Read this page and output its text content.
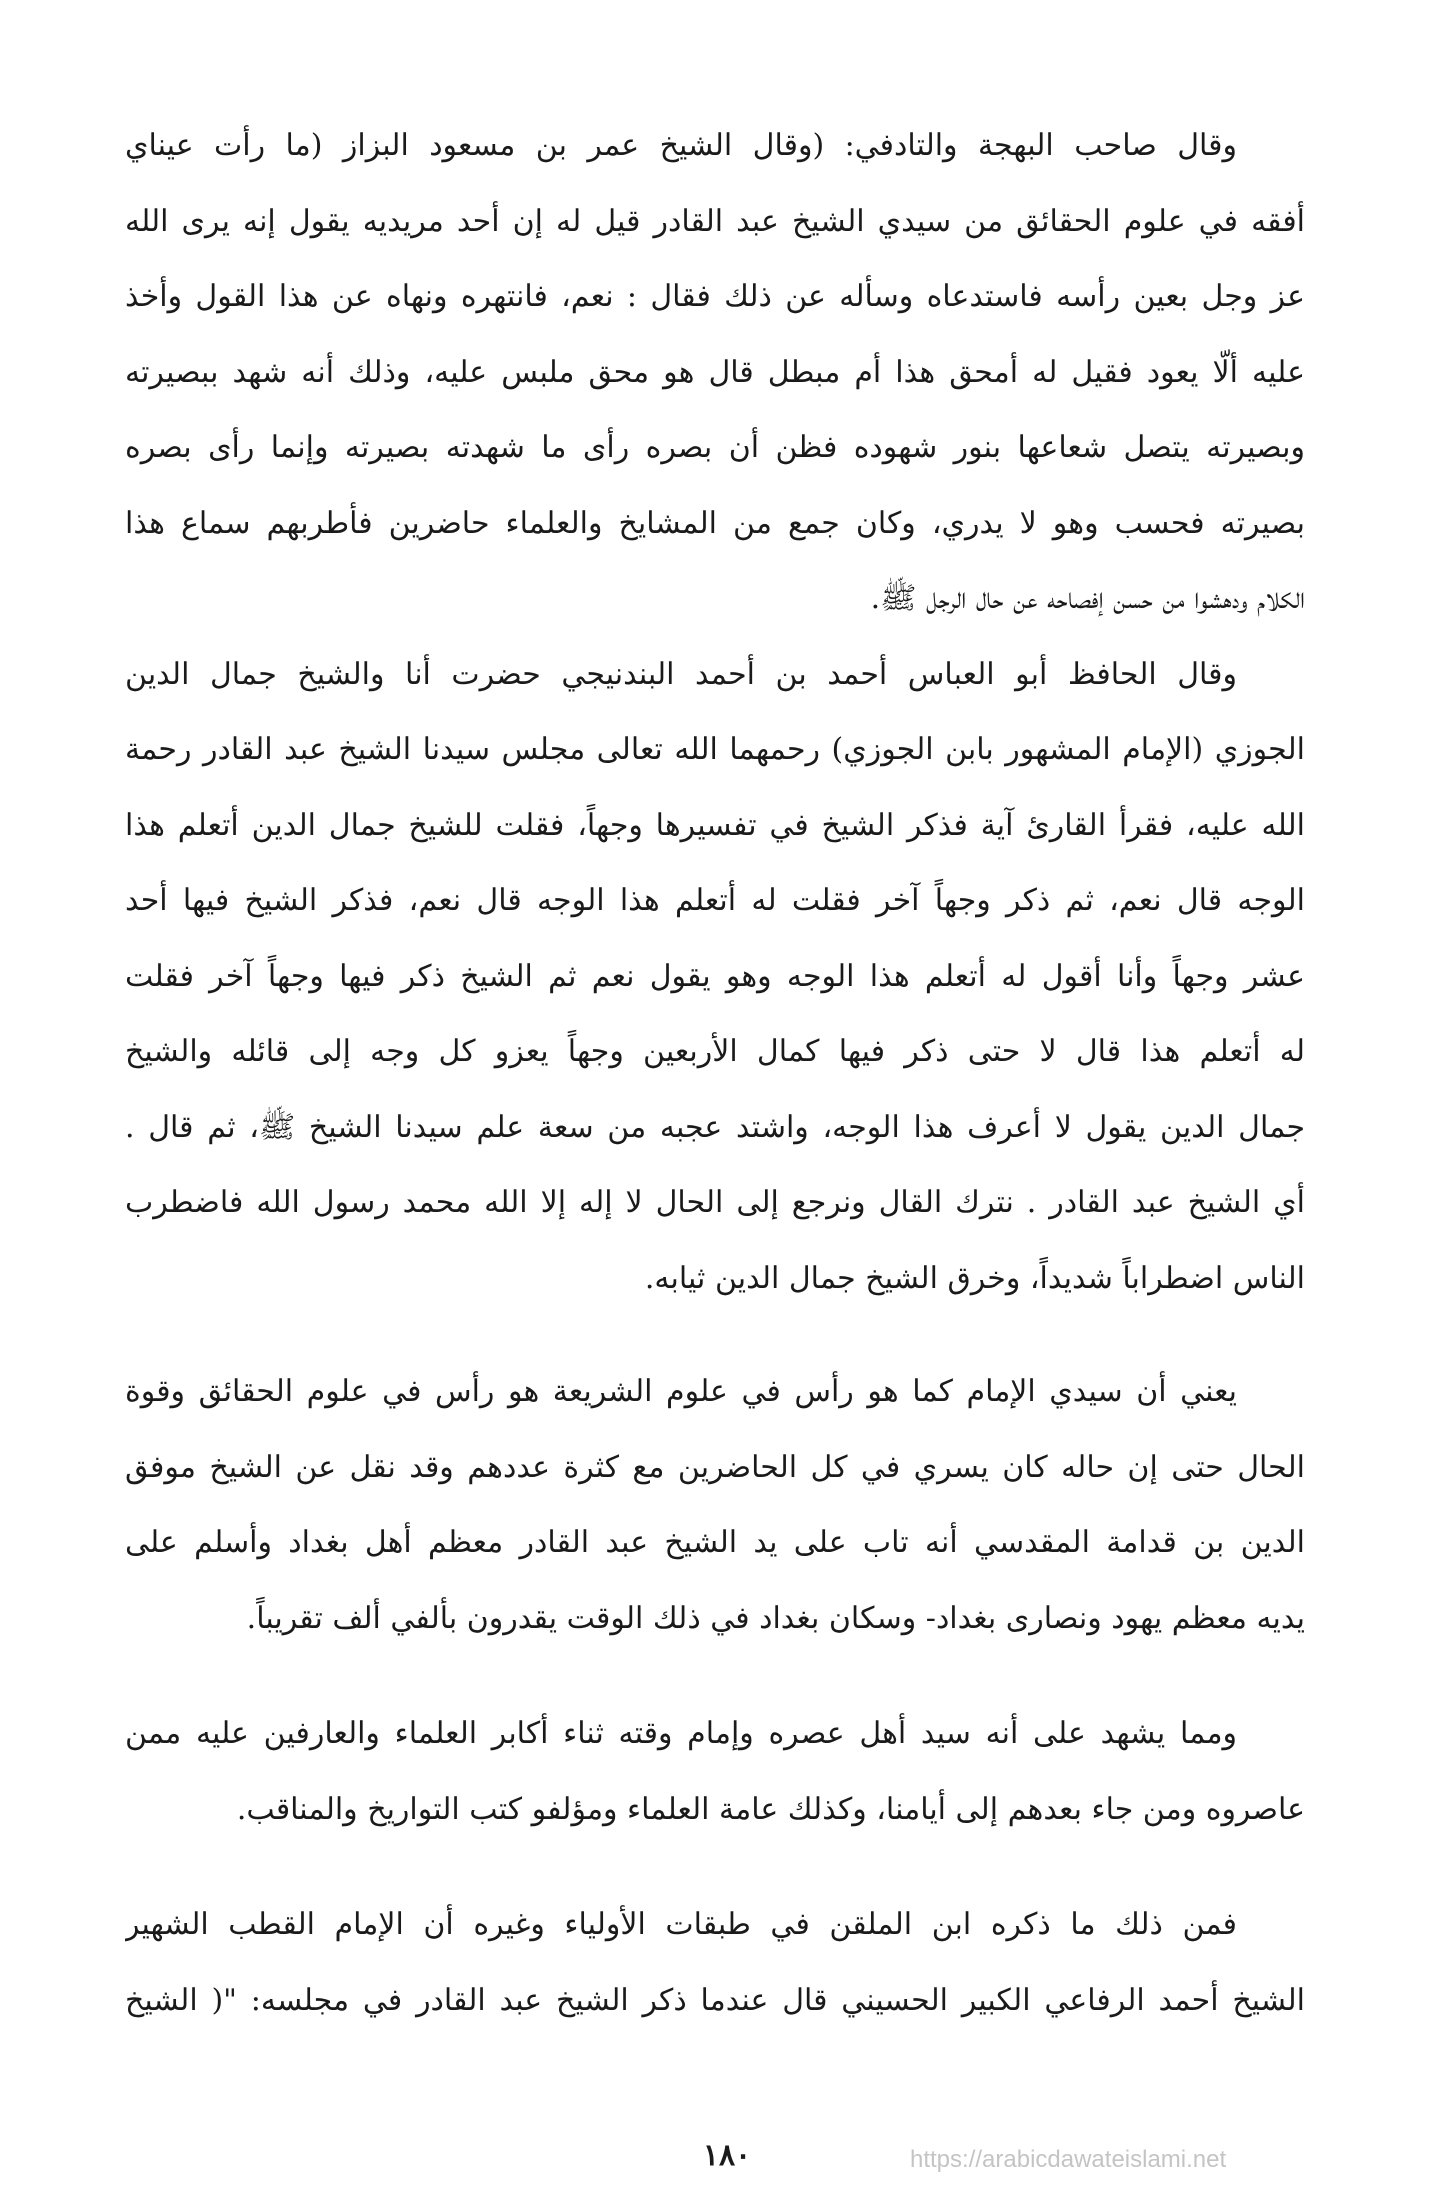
وقال صاحب البهجة والتادفي: (وقال الشيخ عمر بن مسعود البزاز (ما رأت عيناي
أفقه في علوم الحقائق من سيدي الشيخ عبد القادر قيل له إن أحد مريديه يقول إنه يرى الله
عز وجل بعين رأسه فاستدعاه وسأله عن ذلك فقال : نعم، فانتهره ونهاه عن هذا القول وأخذ
عليه ألّا يعود فقيل له أمحق هذا أم مبطل قال هو محق ملبس عليه، وذلك أنه شهد ببصيرته
وبصيرته يتصل شعاعها بنور شهوده فظن أن بصره رأى ما شهدته بصيرته وإنما رأى بصره
بصيرته فحسب وهو لا يدري، وكان جمع من المشايخ والعلماء حاضرين فأطربهم سماع هذا
الكلام ودهشوا من حسن إفصاحه عن حال الرجل ﷺ.
وقال الحافظ أبو العباس أحمد بن أحمد البندنيجي حضرت أنا والشيخ جمال الدين
الجوزي (الإمام المشهور بابن الجوزي) رحمهما الله تعالى مجلس سيدنا الشيخ عبد القادر رحمة
الله عليه، فقرأ القارئ آية فذكر الشيخ في تفسيرها وجهاً، فقلت للشيخ جمال الدين أتعلم هذا
الوجه قال نعم، ثم ذكر وجهاً آخر فقلت له أتعلم هذا الوجه قال نعم، فذكر الشيخ فيها أحد
عشر وجهاً وأنا أقول له أتعلم هذا الوجه وهو يقول نعم ثم الشيخ ذكر فيها وجهاً آخر فقلت
له أتعلم هذا قال لا حتى ذكر فيها كمال الأربعين وجهاً يعزو كل وجه إلى قائله والشيخ
جمال الدين يقول لا أعرف هذا الوجه، واشتد عجبه من سعة علم سيدنا الشيخ ﷺ، ثم قال .
أي الشيخ عبد القادر . نترك القال ونرجع إلى الحال لا إله إلا الله محمد رسول الله فاضطرب
الناس اضطراباً شديداً، وخرق الشيخ جمال الدين ثيابه.
يعني أن سيدي الإمام كما هو رأس في علوم الشريعة هو رأس في علوم الحقائق وقوة
الحال حتى إن حاله كان يسري في كل الحاضرين مع كثرة عددهم وقد نقل عن الشيخ موفق
الدين بن قدامة المقدسي أنه تاب على يد الشيخ عبد القادر معظم أهل بغداد وأسلم على
يديه معظم يهود ونصارى بغداد- وسكان بغداد في ذلك الوقت يقدرون بألفي ألف تقريباً.
ومما يشهد على أنه سيد أهل عصره وإمام وقته ثناء أكابر العلماء والعارفين عليه ممن
عاصروه ومن جاء بعدهم إلى أيامنا، وكذلك عامة العلماء ومؤلفو كتب التواريخ والمناقب.
فمن ذلك ما ذكره ابن الملقن في طبقات الأولياء وغيره أن الإمام القطب الشهير
الشيخ أحمد الرفاعي الكبير الحسيني قال عندما ذكر الشيخ عبد القادر في مجلسه: "( الشيخ
١٨٠	https://arabicdawateislami.net
